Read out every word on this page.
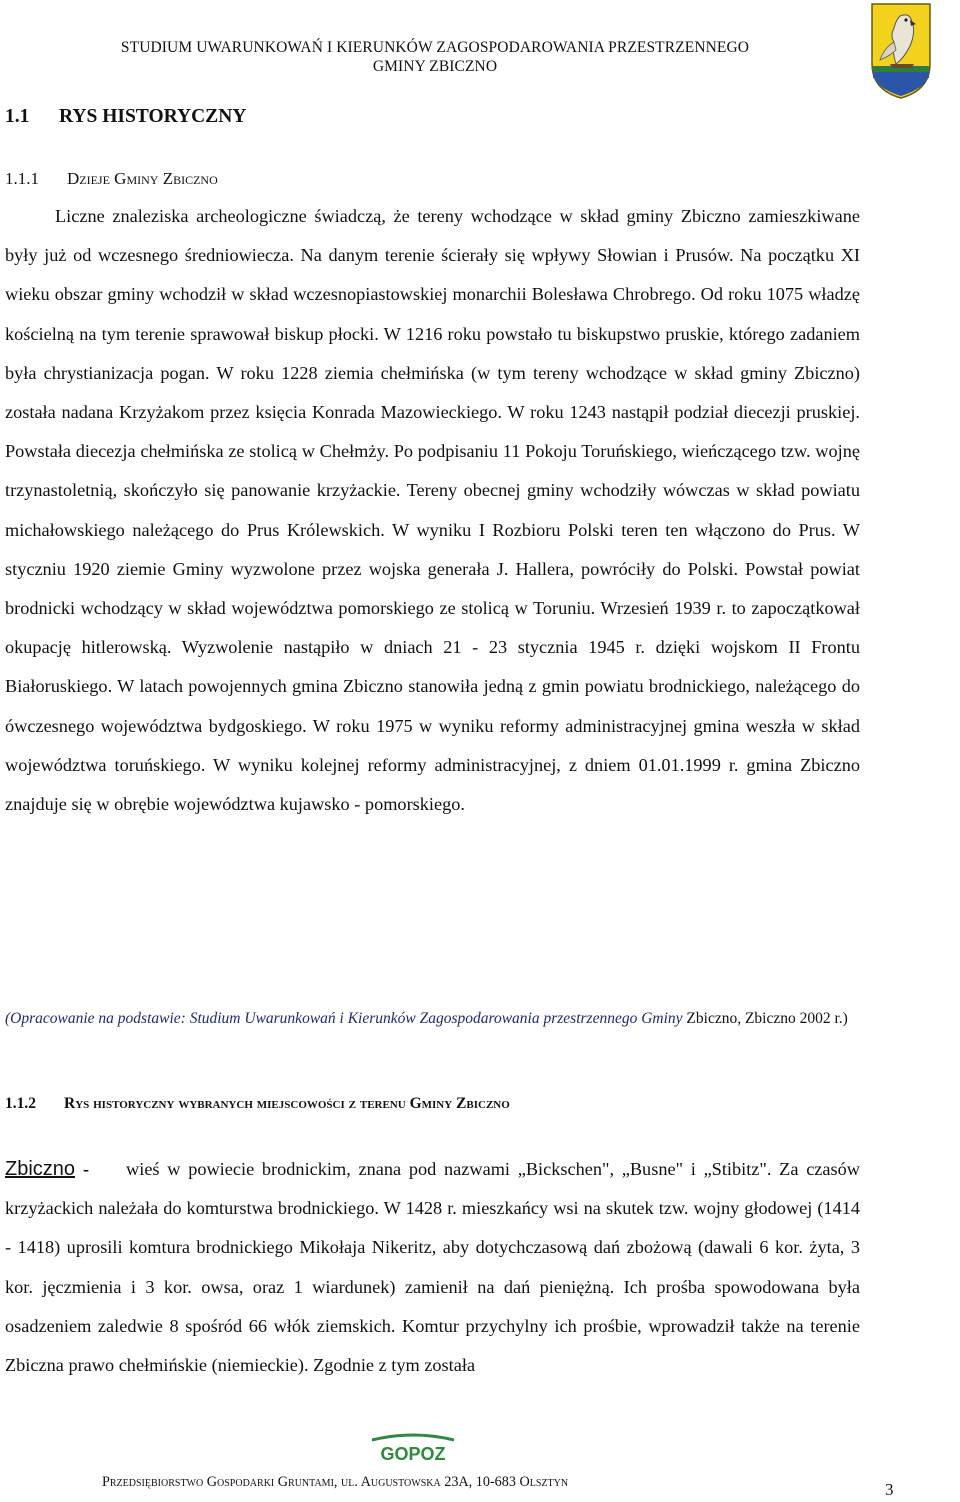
STUDIUM UWARUNKOWAŃ I KIERUNKÓW ZAGOSPODAROWANIA PRZESTRZENNEGO
GMINY ZBICZNO
1.1 RYS HISTORYCZNY
1.1.1 Dzieje Gminy Zbiczno

Liczne znaleziska archeologiczne świadczą, że tereny wchodzące w skład gminy Zbiczno zamieszkiwane były już od wczesnego średniowiecza. Na danym terenie ścierały się wpływy Słowian i Prusów. Na początku XI wieku obszar gminy wchodził w skład wczesnopiastowskiej monarchii Bolesława Chrobrego. Od roku 1075 władzę kościelną na tym terenie sprawował biskup płocki. W 1216 roku powstało tu biskupstwo pruskie, którego zadaniem była chrystianizacja pogan. W roku 1228 ziemia chełmińska (w tym tereny wchodzące w skład gminy Zbiczno) została nadana Krzyżakom przez księcia Konrada Mazowieckiego. W roku 1243 nastąpił podział diecezji pruskiej. Powstała diecezja chełmińska ze stolicą w Chełmży. Po podpisaniu 11 Pokoju Toruńskiego, wieńczącego tzw. wojnę trzynastoletnią, skończyło się panowanie krzyżackie. Tereny obecnej gminy wchodziły wówczas w skład powiatu michałowskiego należącego do Prus Królewskich. W wyniku I Rozbioru Polski teren ten włączono do Prus. W styczniu 1920 ziemie Gminy wyzwolone przez wojska generała J. Hallera, powróciły do Polski. Powstał powiat brodnicki wchodzący w skład województwa pomorskiego ze stolicą w Toruniu. Wrzesień 1939 r. to zapoczątkował okupację hitlerowską. Wyzwolenie nastąpiło w dniach 21 - 23 stycznia 1945 r. dzięki wojskom II Frontu Białoruskiego. W latach powojennych gmina Zbiczno stanowiła jedną z gmin powiatu brodnickiego, należącego do ówczesnego województwa bydgoskiego. W roku 1975 w wyniku reformy administracyjnej gmina weszła w skład województwa toruńskiego. W wyniku kolejnej reformy administracyjnej, z dniem 01.01.1999 r. gmina Zbiczno znajduje się w obrębie województwa kujawsko - pomorskiego.

(Opracowanie na podstawie: Studium Uwarunkowań i Kierunków Zagospodarowania przestrzennego Gminy Zbiczno, Zbiczno 2002 r.)

1.1.2 Rys historyczny wybranych miejscowości z terenu Gminy Zbiczno

Zbiczno - wieś w powiecie brodnickim, znana pod nazwami „Bickschen", „Busne" i „Stibitz". Za czasów krzyżackich należała do komturstwa brodnickiego. W 1428 r. mieszkańcy wsi na skutek tzw. wojny głodowej (1414 - 1418) uprosili komtura brodnickiego Mikołaja Nikeritz, aby dotychczasową dań zbożową (dawali 6 kor. żyta, 3 kor. jęczmienia i 3 kor. owsa, oraz 1 wiardunek) zamienił na dań pieniężną. Ich prośba spowodowana była osadzeniem zaledwie 8 spośród 66 włók ziemskich. Komtur przychylny ich prośbie, wprowadził także na terenie Zbiczna prawo chełmińskie (niemieckie). Zgodnie z tym została

GOPOZ
Przedsiębiorstwo Gospodarki Gruntami, ul. Augustowska 23A, 10-683 Olsztyn	3
